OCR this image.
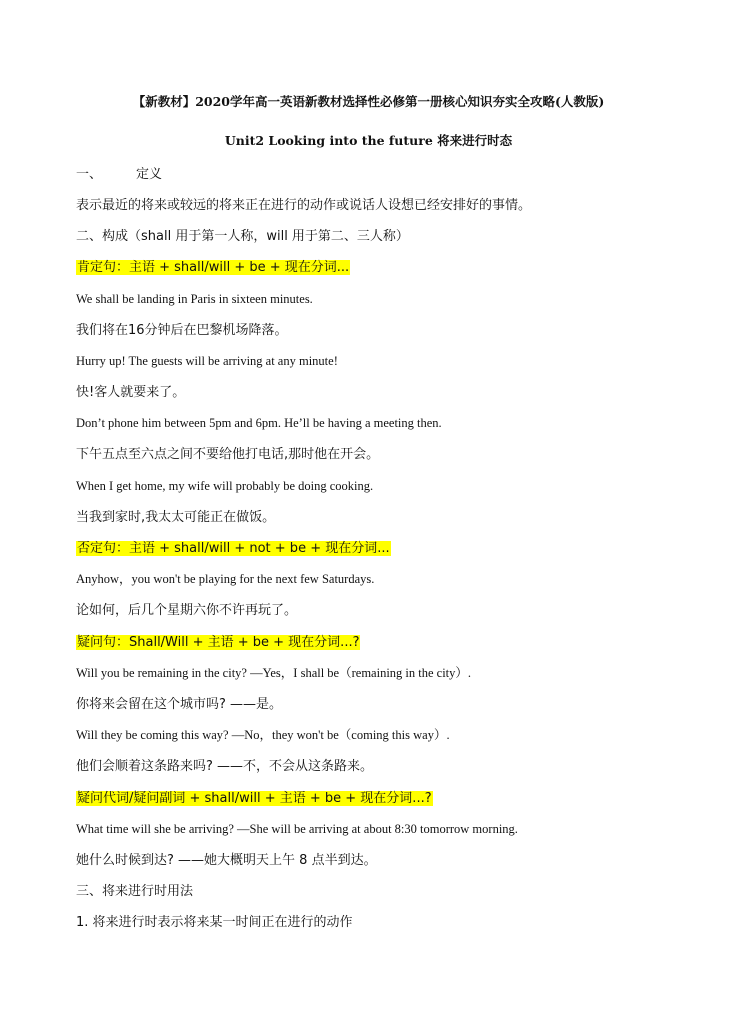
【新教材】2020学年高一英语新教材选择性必修第一册核心知识夯实全攻略(人教版)
Unit2 Looking into the future 将来进行时态
一、	定义
表示最近的将来或较远的将来正在进行的动作或说话人设想已经安排好的事情。
二、构成（shall 用于第一人称，will 用于第二、三人称）
肯定句：主语 + shall/will + be + 现在分词...
We shall be landing in Paris in sixteen minutes.
我们将在16分钟后在巴黎机场降落。
Hurry up! The guests will be arriving at any minute!
快!客人就要来了。
Don’t phone him between 5pm and 6pm. He’ll be having a meeting then.
下午五点至六点之间不要给他打电话,那时他在开会。
When I get home, my wife will probably be doing cooking.
当我到家时,我太太可能正在做饭。
否定句：主语 + shall/will + not + be + 现在分词...
Anyhow，you won't be playing for the next few Saturdays.
论如何，后几个星期六你不许再玩了。
疑问句：Shall/Will + 主语 + be + 现在分词...?
Will you be remaining in the city? —Yes，I shall be（remaining in the city）.
你将来会留在这个城市吗? ——是。
Will they be coming this way? —No，they won't be（coming this way）.
他们会顺着这条路来吗? ——不，不会从这条路来。
疑问代词/疑问副词 + shall/will + 主语 + be + 现在分词...?
What time will she be arriving? —She will be arriving at about 8:30 tomorrow morning.
她什么时候到达? ——她大概明天上午 8 点半到达。
三、将来进行时用法
1. 将来进行时表示将来某一时间正在进行的动作
